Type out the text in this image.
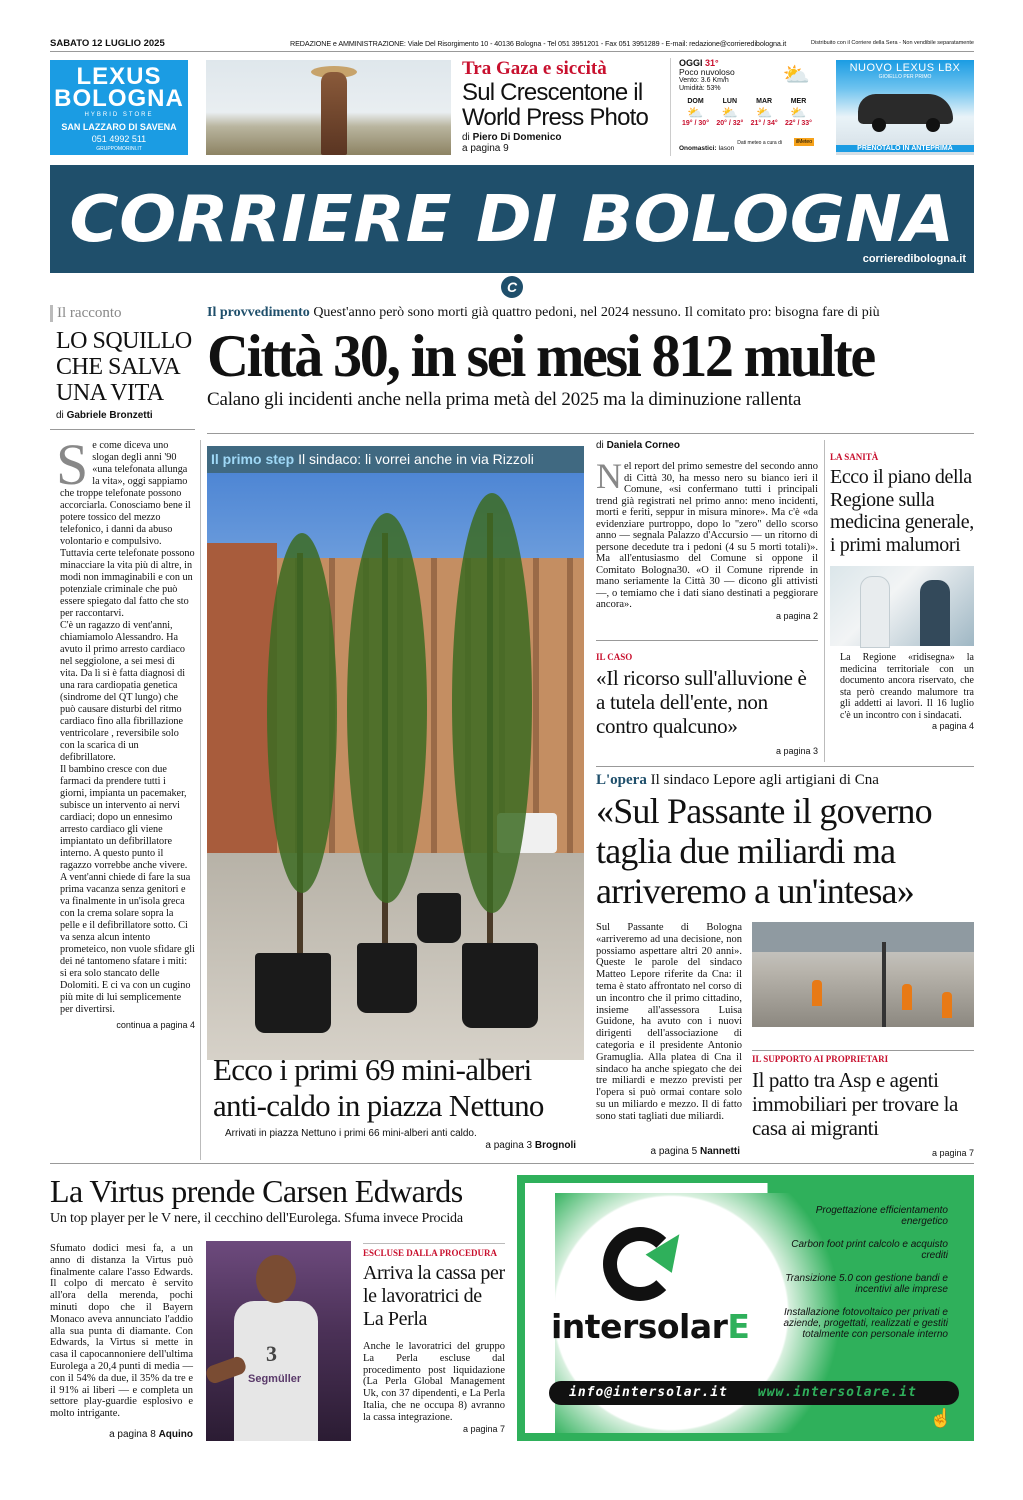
SABATO 12 LUGLIO 2025	REDAZIONE e AMMINISTRAZIONE: Viale Del Risorgimento 10 - 40136 Bologna - Tel 051 3951201 - Fax 051 3951289 - E-mail: redazione@corrieredibologna.it	Distribuito con il Corriere della Sera - Non vendibile separatamente
LEXUS
BOLOGNA
HYBRID STORE
SAN LAZZARO DI SAVENA
051 4992 511
GRUPPOMORINI.IT
Tra Gaza e siccità
Sul Crescentone il World Press Photo
di Piero Di Domenico
a pagina 9
OGGI 31°
Poco nuvoloso
Vento: 3.6 Km/h
Umidità: 53%
⛅
DOM
⛅
19° / 30°
LUN
⛅
20° / 32°
MAR
⛅
21° / 34°
MER
⛅
22° / 33°
Dati meteo a cura di	ilMeteo
Onomastici: Iason
NUOVO LEXUS LBX
GIOIELLO PER PRIMO
PRENOTALO IN ANTEPRIMA
CORRIERE DI BOLOGNA
corrieredibologna.it
C
Il racconto
LO SQUILLO CHE SALVA UNA VITA
di Gabriele Bronzetti
Se come diceva uno slogan degli anni '90 «una telefonata allunga la vita», oggi sappiamo che troppe telefonate possono accorciarla. Conosciamo bene il potere tossico del mezzo telefonico, i danni da abuso volontario e compulsivo. Tuttavia certe telefonate possono minacciare la vita più di altre, in modi non immaginabili e con un potenziale criminale che può essere spiegato dal fatto che sto per raccontarvi.
C'è un ragazzo di vent'anni, chiamiamolo Alessandro. Ha avuto il primo arresto cardiaco nel seggiolone, a sei mesi di vita. Da lì si è fatta diagnosi di una rara cardiopatia genetica (sindrome del QT lungo) che può causare disturbi del ritmo cardiaco fino alla fibrillazione ventricolare , reversibile solo con la scarica di un defibrillatore.
Il bambino cresce con due farmaci da prendere tutti i giorni, impianta un pacemaker, subisce un intervento ai nervi cardiaci; dopo un ennesimo arresto cardiaco gli viene impiantato un defibrillatore interno. A questo punto il ragazzo vorrebbe anche vivere.
A vent'anni chiede di fare la sua prima vacanza senza genitori e va finalmente in un'isola greca con la crema solare sopra la pelle e il defibrillatore sotto. Ci va senza alcun intento prometeico, non vuole sfidare gli dei né tantomeno sfatare i miti: si era solo stancato delle Dolomiti. E ci va con un cugino più mite di lui semplicemente per divertirsi.
continua a pagina 4
Il provvedimento Quest'anno però sono morti già quattro pedoni, nel 2024 nessuno. Il comitato pro: bisogna fare di più
Città 30, in sei mesi 812 multe
Calano gli incidenti anche nella prima metà del 2025 ma la diminuzione rallenta
Il primo step Il sindaco: li vorrei anche in via Rizzoli
Ecco i primi 69 mini-alberi anti-caldo in piazza Nettuno
Arrivati in piazza Nettuno i primi 66 mini-alberi anti caldo.
a pagina 3 Brognoli
di Daniela Corneo
Nel report del primo semestre del secondo anno di Città 30, ha messo nero su bianco ieri il Comune, «si confermano tutti i principali trend già registrati nel primo anno: meno incidenti, morti e feriti, seppur in misura minore». Ma c'è «da evidenziare purtroppo, dopo lo "zero" dello scorso anno — segnala Palazzo d'Accursio — un ritorno di persone decedute tra i pedoni (4 su 5 morti totali)». Ma all'entusiasmo del Comune si oppone il Comitato Bologna30. «O il Comune riprende in mano seriamente la Città 30 — dicono gli attivisti —, o temiamo che i dati siano destinati a peggiorare ancora».
a pagina 2
IL CASO
«Il ricorso sull'alluvione è a tutela dell'ente, non contro qualcuno»
a pagina 3
LA SANITÀ
Ecco il piano della Regione sulla medicina generale, i primi malumori
La Regione «ridisegna» la medicina territoriale con un documento ancora riservato, che sta però creando malumore tra gli addetti ai lavori. Il 16 luglio c'è un incontro con i sindacati.
a pagina 4
L'opera Il sindaco Lepore agli artigiani di Cna
«Sul Passante il governo taglia due miliardi ma arriveremo a un'intesa»
Sul Passante di Bologna «arriveremo ad una decisione, non possiamo aspettare altri 20 anni». Queste le parole del sindaco Matteo Lepore riferite da Cna: il tema è stato affrontato nel corso di un incontro che il primo cittadino, insieme all'assessora Luisa Guidone, ha avuto con i nuovi dirigenti dell'associazione di categoria e il presidente Antonio Gramuglia. Alla platea di Cna il sindaco ha anche spiegato che dei tre miliardi e mezzo previsti per l'opera si può ormai contare solo su un miliardo e mezzo. Il di fatto sono stati tagliati due miliardi.
a pagina 5 Nannetti
IL SUPPORTO AI PROPRIETARI
Il patto tra Asp e agenti immobiliari per trovare la casa ai migranti
a pagina 7
La Virtus prende Carsen Edwards
Un top player per le V nere, il cecchino dell'Eurolega. Sfuma invece Procida
Sfumato dodici mesi fa, a un anno di distanza la Virtus può finalmente calare l'asso Edwards. Il colpo di mercato è servito all'ora della merenda, pochi minuti dopo che il Bayern Monaco aveva annunciato l'addio alla sua punta di diamante. Con Edwards, la Virtus si mette in casa il capocannoniere dell'ultima Eurolega a 20,4 punti di media — con il 54% da due, il 35% da tre e il 91% ai liberi — e completa un settore play-guardie esplosivo e molto intrigante.
a pagina 8 Aquino
3
Segmüller
ESCLUSE DALLA PROCEDURA
Arriva la cassa per le lavoratrici de La Perla
Anche le lavoratrici del gruppo La Perla escluse dal procedimento post liquidazione (La Perla Global Management Uk, con 37 dipendenti, e La Perla Italia, che ne occupa 8) avranno la cassa integrazione.
a pagina 7
intersolarE
Progettazione efficientamento energetico
Carbon foot print calcolo e acquisto crediti
Transizione 5.0 con gestione bandi e incentivi alle imprese
Installazione fotovoltaico per privati e aziende, progettati, realizzati e gestiti totalmente con personale interno
info@intersolar.it www.intersolare.it
☝
